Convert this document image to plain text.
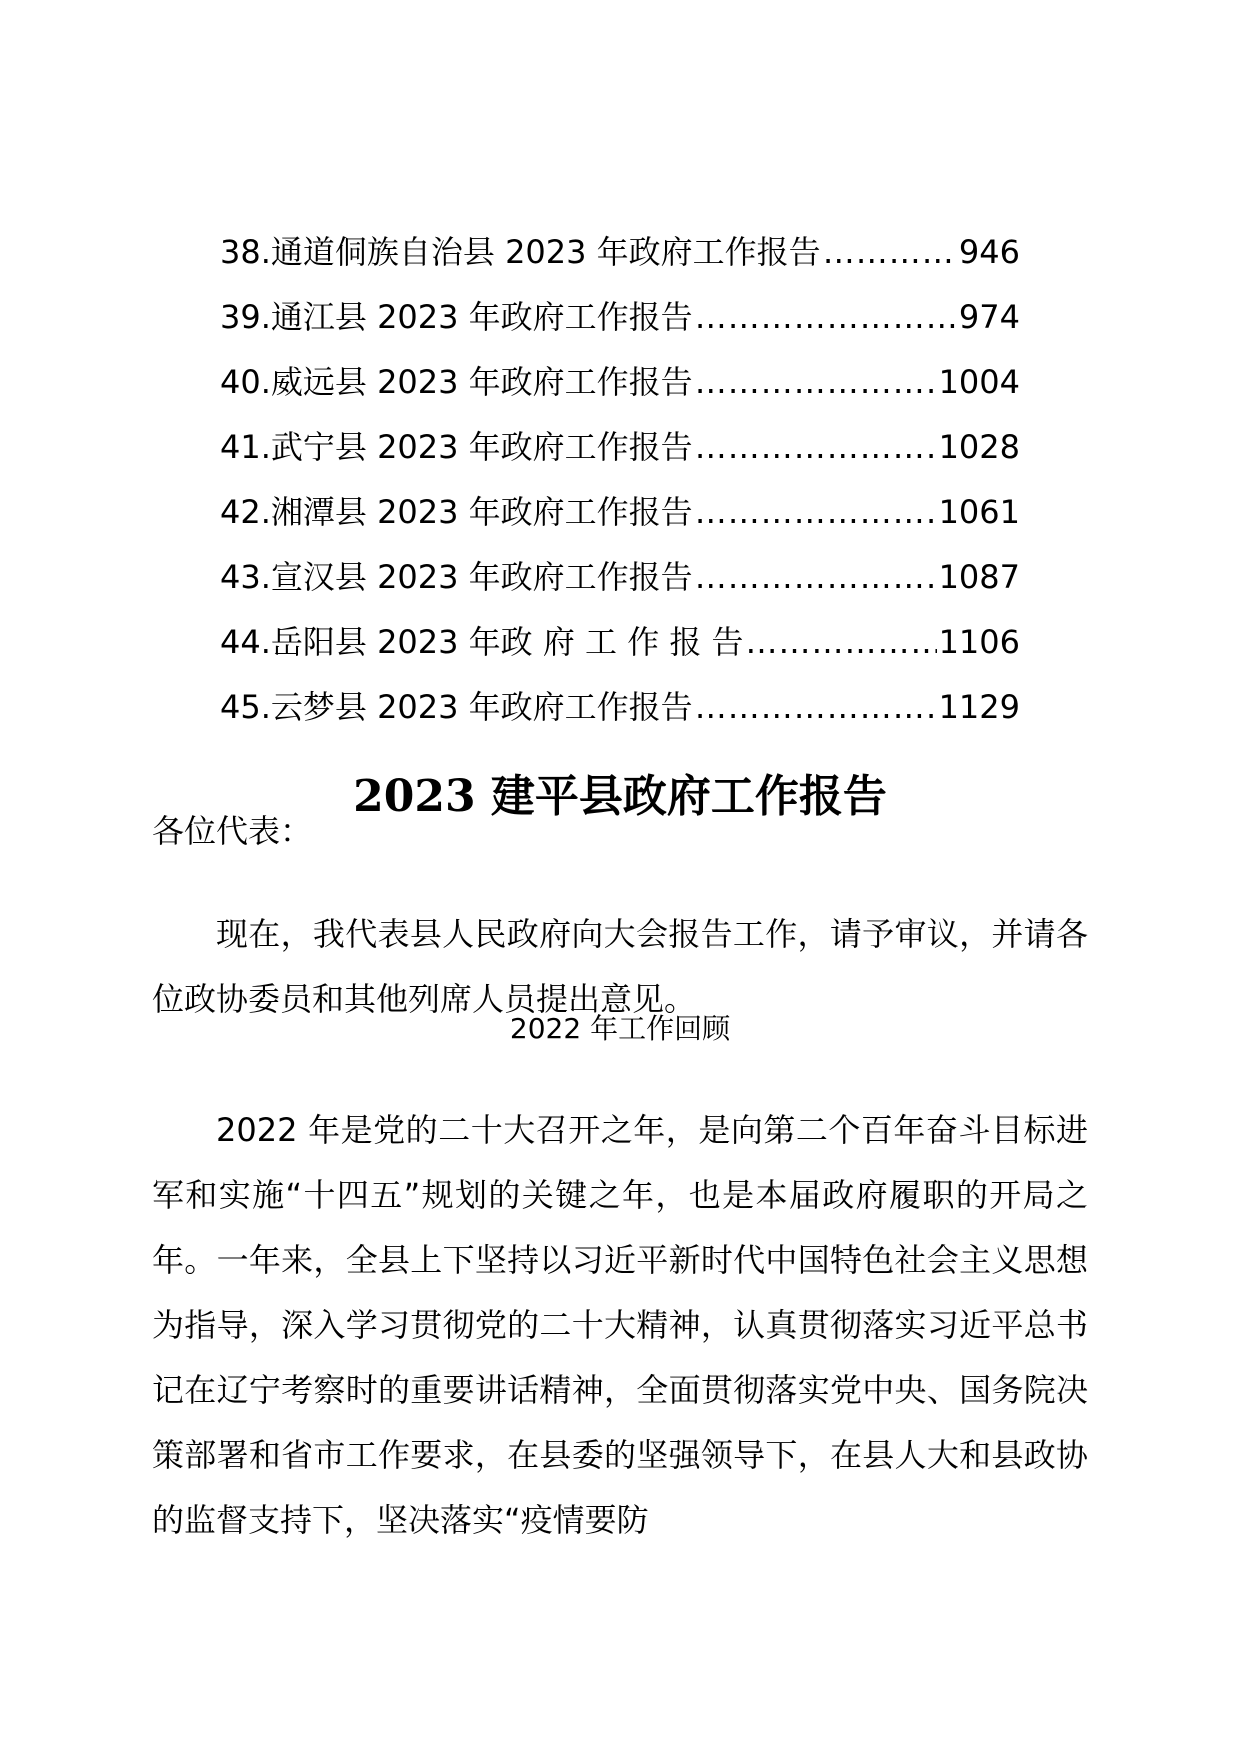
38.通道侗族自治县 2023 年政府工作报告 ……………………………………………………………………………………………………	946
39.通江县 2023 年政府工作报告 ……………………………………………………………………………………………………	974
40.威远县 2023 年政府工作报告 ……………………………………………………………………………………………………	1004
41.武宁县 2023 年政府工作报告 ……………………………………………………………………………………………………	1028
42.湘潭县 2023 年政府工作报告 ……………………………………………………………………………………………………	1061
43.宣汉县 2023 年政府工作报告 ……………………………………………………………………………………………………	1087
44.岳阳县 2023 年政 府 工 作 报 告 ……………………………………………………………………………………………………	1106
45.云梦县 2023 年政府工作报告 ……………………………………………………………………………………………………	1129
2023 建平县政府工作报告
各位代表：

现在，我代表县人民政府向大会报告工作，请予审议，并请各位政协委员和其他列席人员提出意见。

2022 年工作回顾

2022 年是党的二十大召开之年，是向第二个百年奋斗目标进军和实施“十四五”规划的关键之年，也是本届政府履职的开局之年。一年来，全县上下坚持以习近平新时代中国特色社会主义思想为指导，深入学习贯彻党的二十大精神，认真贯彻落实习近平总书记在辽宁考察时的重要讲话精神，全面贯彻落实党中央、国务院决策部署和省市工作要求，在县委的坚强领导下，在县人大和县政协的监督支持下，坚决落实“疫情要防
